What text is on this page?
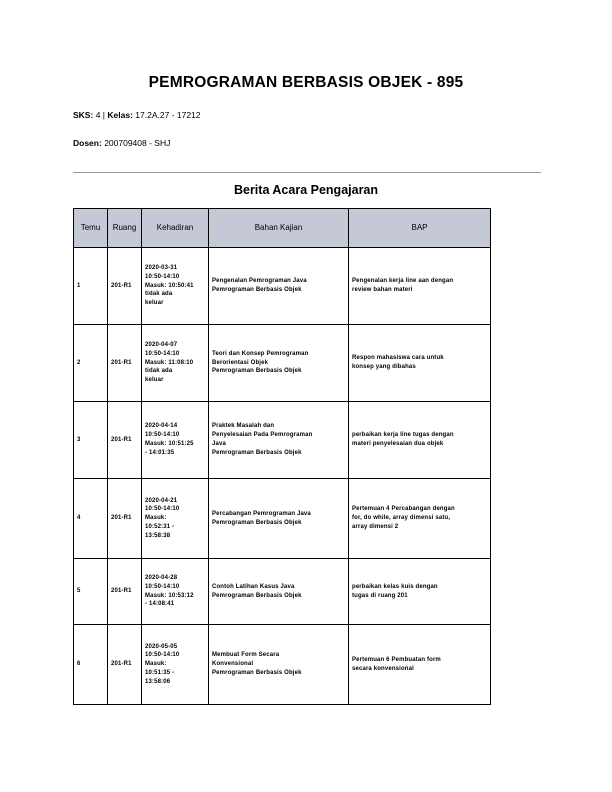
PEMROGRAMAN BERBASIS OBJEK - 895
SKS: 4 | Kelas: 17.2A.27 - 17212
Dosen: 200709408 - SHJ
Berita Acara Pengajaran
Temu	Ruang	Kehadiran	Bahan Kajian	BAP
1	201-R1	2020-03-31
10:50-14:10
Masuk: 10:50:41
tidak ada
keluar	Pengenalan Pemrograman Java
Pemrograman Berbasis Objek	Pengenalan kerja line aan dengan
review bahan materi

2	201-R1	2020-04-07
10:50-14:10
Masuk: 11:08:10
tidak ada
keluar	Teori dan Konsep Pemrograman
Berorientasi Objek
Pemrograman Berbasis Objek	Respon mahasiswa cara untuk
konsep yang dibahas

3	201-R1	2020-04-14
10:50-14:10
Masuk: 10:51:25
- 14:01:35	Praktek Masalah dan
Penyelesaian Pada Pemrograman
Java
Pemrograman Berbasis Objek	perbaikan kerja line tugas dengan
materi penyelesaian dua objek

4	201-R1	2020-04-21
10:50-14:10
Masuk:
10:52:31 -
13:58:38	Percabangan Pemrograman Java
Pemrograman Berbasis Objek	Pertemuan 4 Percabangan dengan
for, do while, array dimensi satu,
array dimensi 2

5	201-R1	2020-04-28
10:50-14:10
Masuk: 10:53:12
- 14:08:41	Contoh Latihan Kasus Java
Pemrograman Berbasis Objek	perbaikan kelas kuis dengan
tugas di ruang 201

6	201-R1	2020-05-05
10:50-14:10
Masuk:
10:51:35 -
13:58:06	Membuat Form Secara
Konvensional
Pemrograman Berbasis Objek	Pertemuan 6 Pembuatan form
secara konvensional
